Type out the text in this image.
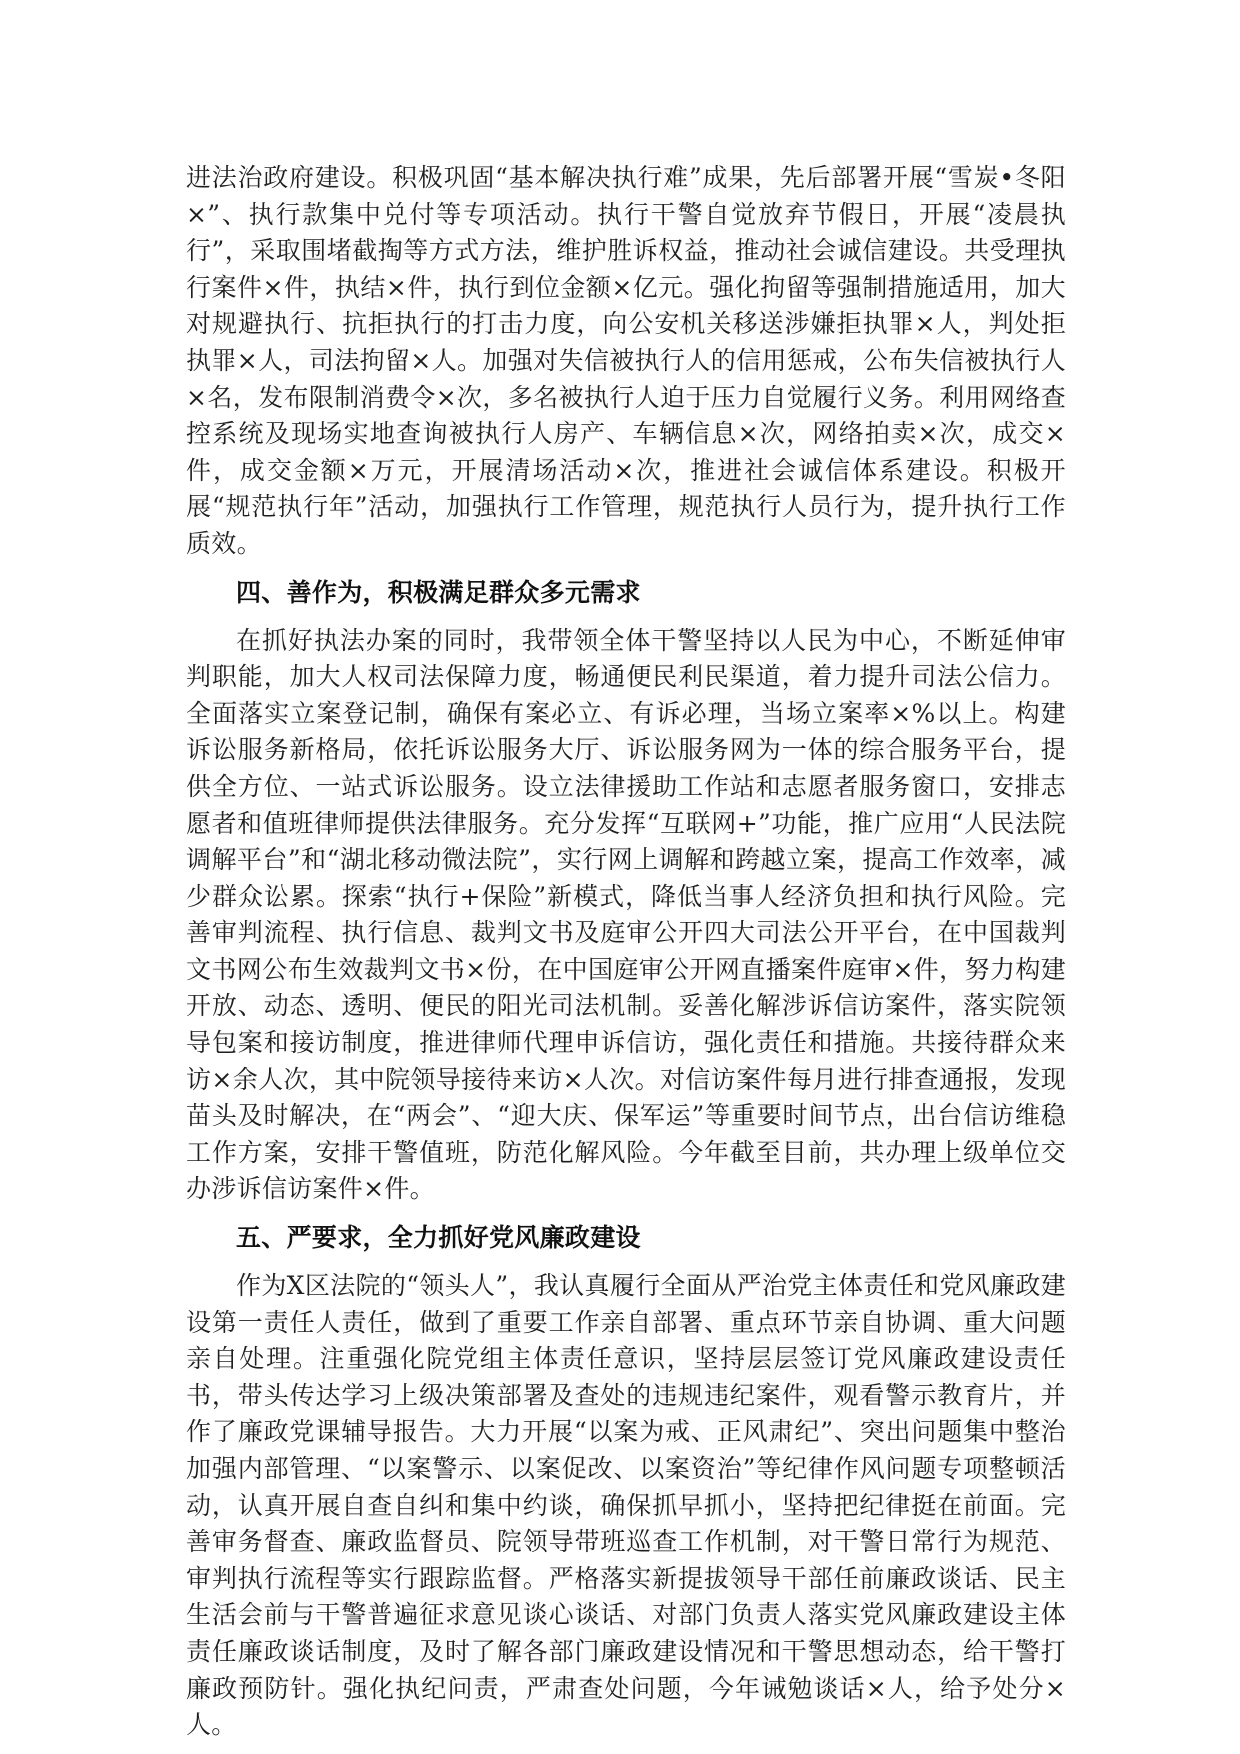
进法治政府建设。积极巩固“基本解决执行难”成果，先后部署开展“雪炭•冬阳×”、执行款集中兑付等专项活动。执行干警自觉放弃节假日，开展“凌晨执行”，采取围堵截掏等方式方法，维护胜诉权益，推动社会诚信建设。共受理执行案件×件，执结×件，执行到位金额×亿元。强化拘留等强制措施适用，加大对规避执行、抗拒执行的打击力度，向公安机关移送涉嫌拒执罪×人，判处拒执罪×人，司法拘留×人。加强对失信被执行人的信用惩戒，公布失信被执行人×名，发布限制消费令×次，多名被执行人迫于压力自觉履行义务。利用网络查控系统及现场实地查询被执行人房产、车辆信息×次，网络拍卖×次，成交×件，成交金额×万元，开展清场活动×次，推进社会诚信体系建设。积极开展“规范执行年”活动，加强执行工作管理，规范执行人员行为，提升执行工作质效。

四、善作为，积极满足群众多元需求

在抓好执法办案的同时，我带领全体干警坚持以人民为中心，不断延伸审判职能，加大人权司法保障力度，畅通便民利民渠道，着力提升司法公信力。全面落实立案登记制，确保有案必立、有诉必理，当场立案率×%以上。构建诉讼服务新格局，依托诉讼服务大厅、诉讼服务网为一体的综合服务平台，提供全方位、一站式诉讼服务。设立法律援助工作站和志愿者服务窗口，安排志愿者和值班律师提供法律服务。充分发挥“互联网+”功能，推广应用“人民法院调解平台”和“湖北移动微法院”，实行网上调解和跨越立案，提高工作效率，减少群众讼累。探索“执行+保险”新模式，降低当事人经济负担和执行风险。完善审判流程、执行信息、裁判文书及庭审公开四大司法公开平台，在中国裁判文书网公布生效裁判文书×份，在中国庭审公开网直播案件庭审×件，努力构建开放、动态、透明、便民的阳光司法机制。妥善化解涉诉信访案件，落实院领导包案和接访制度，推进律师代理申诉信访，强化责任和措施。共接待群众来访×余人次，其中院领导接待来访×人次。对信访案件每月进行排查通报，发现苗头及时解决，在“两会”、“迎大庆、保军运”等重要时间节点，出台信访维稳工作方案，安排干警值班，防范化解风险。今年截至目前，共办理上级单位交办涉诉信访案件×件。

五、严要求，全力抓好党风廉政建设

作为X区法院的“领头人”，我认真履行全面从严治党主体责任和党风廉政建设第一责任人责任，做到了重要工作亲自部署、重点环节亲自协调、重大问题亲自处理。注重强化院党组主体责任意识，坚持层层签订党风廉政建设责任书，带头传达学习上级决策部署及查处的违规违纪案件，观看警示教育片，并作了廉政党课辅导报告。大力开展“以案为戒、正风肃纪”、突出问题集中整治加强内部管理、“以案警示、以案促改、以案资治”等纪律作风问题专项整顿活动，认真开展自查自纠和集中约谈，确保抓早抓小，坚持把纪律挺在前面。完善审务督查、廉政监督员、院领导带班巡查工作机制，对干警日常行为规范、审判执行流程等实行跟踪监督。严格落实新提拔领导干部任前廉政谈话、民主生活会前与干警普遍征求意见谈心谈话、对部门负责人落实党风廉政建设主体责任廉政谈话制度，及时了解各部门廉政建设情况和干警思想动态，给干警打廉政预防针。强化执纪问责，严肃查处问题，今年诫勉谈话×人，给予处分×人。
